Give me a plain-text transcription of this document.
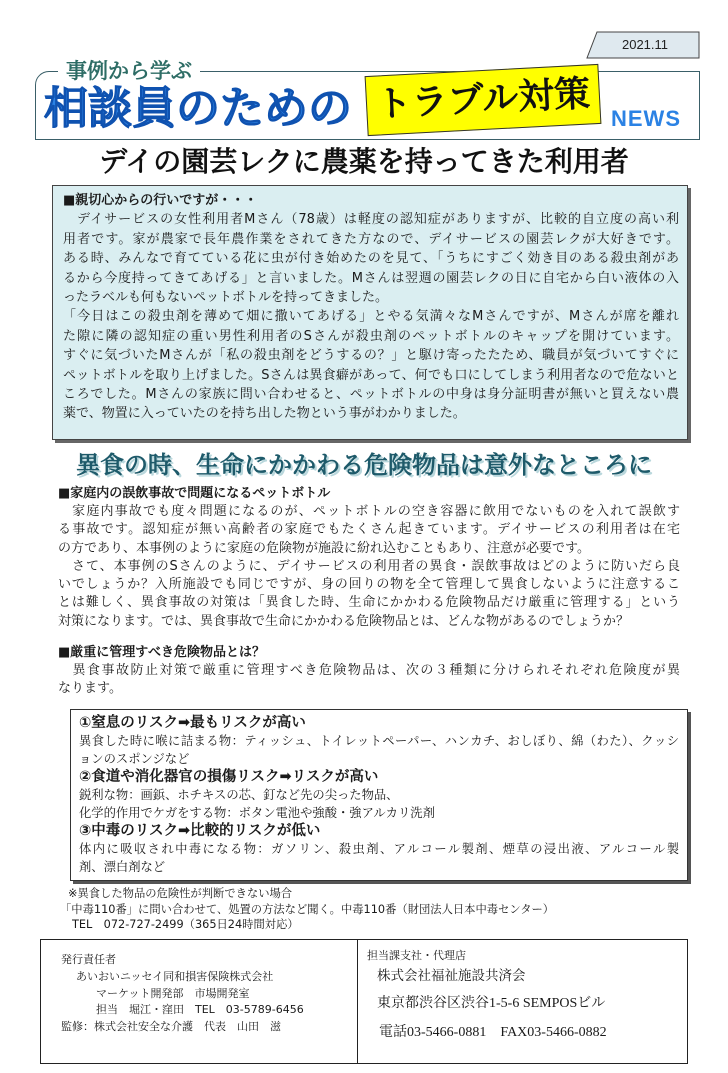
2021.11
事例から学ぶ
相談員のための トラブル対策 NEWS
デイの園芸レクに農薬を持ってきた利用者
■親切心からの行いですが・・・
　デイサービスの女性利用者Mさん（78歳）は軽度の認知症がありますが、比較的自立度の高い利
用者です。家が農家で長年農作業をされてきた方なので、デイサービスの園芸レクが大好きです。
ある時、みんなで育てている花に虫が付き始めたのを見て、「うちにすごく効き目のある殺虫剤があ
るから今度持ってきてあげる」と言いました。Mさんは翌週の園芸レクの日に自宅から白い液体の入
ったラベルも何もないペットボトルを持ってきました。
「今日はこの殺虫剤を薄めて畑に撒いてあげる」とやる気満々なMさんですが、Mさんが席を離れ
た隙に隣の認知症の重い男性利用者のSさんが殺虫剤のペットボトルのキャップを開けています。
すぐに気づいたMさんが「私の殺虫剤をどうするの？」と駆け寄ったたため、職員が気づいてすぐに
ペットボトルを取り上げました。Sさんは異食癖があって、何でも口にしてしまう利用者なので危ないと
ころでした。Mさんの家族に問い合わせると、ペットボトルの中身は身分証明書が無いと買えない農
薬で、物置に入っていたのを持ち出した物という事がわかりました。
異食の時、生命にかかわる危険物品は意外なところに
■家庭内の誤飲事故で問題になるペットボトル
　家庭内事故でも度々問題になるのが、ペットボトルの空き容器に飲用でないものを入れて誤飲す
る事故です。認知症が無い高齢者の家庭でもたくさん起きています。デイサービスの利用者は在宅
の方であり、本事例のように家庭の危険物が施設に紛れ込むこともあり、注意が必要です。
　さて、本事例のSさんのように、デイサービスの利用者の異食・誤飲事故はどのように防いだら良
いでしょうか？入所施設でも同じですが、身の回りの物を全て管理して異食しないように注意するこ
とは難しく、異食事故の対策は「異食した時、生命にかかわる危険物品だけ厳重に管理する」という
対策になります。では、異食事故で生命にかかわる危険物品とは、どんな物があるのでしょうか？
■厳重に管理すべき危険物品とは？
　異食事故防止対策で厳重に管理すべき危険物品は、次の３種類に分けられそれぞれ危険度が異
なります。
①窒息のリスク➡最もリスクが高い
異食した時に喉に詰まる物：ティッシュ、トイレットペーパー、ハンカチ、おしぼり、綿（わた）、クッシ
ョンのスポンジなど
②食道や消化器官の損傷リスク➡リスクが高い
鋭利な物：画鋲、ホチキスの芯、釘など先の尖った物品、
化学的作用でケガをする物：ボタン電池や強酸・強アルカリ洗剤
③中毒のリスク➡比較的リスクが低い
体内に吸収され中毒になる物：ガソリン、殺虫剤、アルコール製剤、煙草の浸出液、アルコール製
剤、漂白剤など
※異食した物品の危険性が判断できない場合
「中毒110番」に問い合わせて、処置の方法など聞く。中毒110番（財団法人日本中毒センター）
TEL　072-727-2499（365日24時間対応）
発行責任者
あいおいニッセイ同和損害保険株式会社
マーケット開発部　市場開発室
担当　堀江・窪田　TEL　03-5789-6456
監修：株式会社安全な介護　代表　山田　滋
担当課支社・代理店
株式会社福祉施設共済会
東京都渋谷区渋谷1-5-6 SEMPOSビル
電話03-5466-0881　FAX03-5466-0882
